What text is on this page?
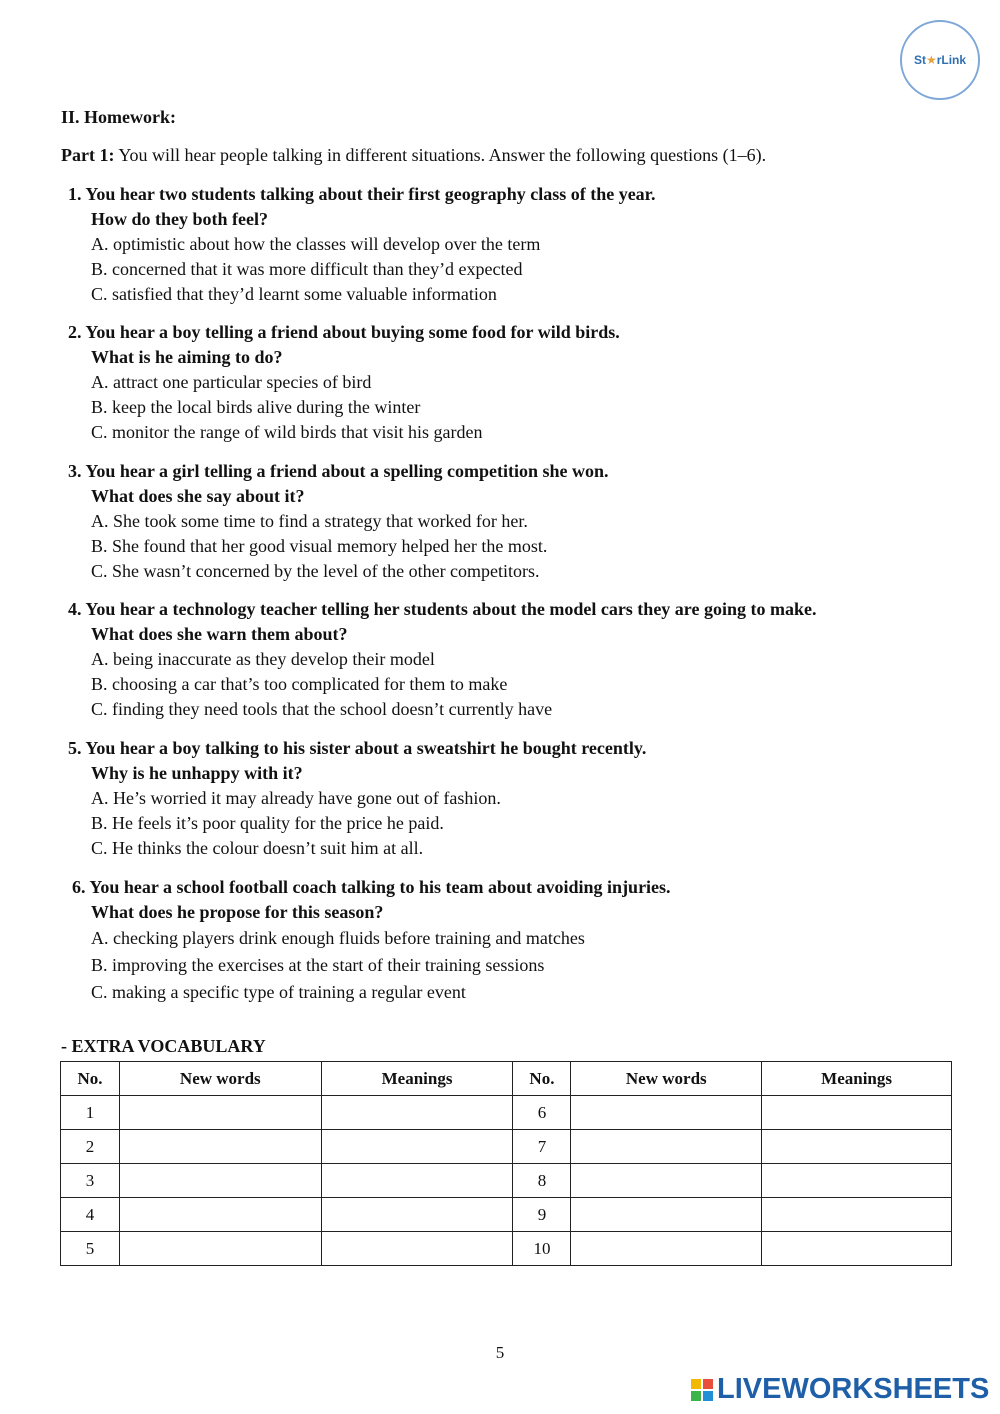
St★rLink
II. Homework:
Part 1: You will hear people talking in different situations. Answer the following questions (1–6).
1. You hear two students talking about their first geography class of the year.
How do they both feel?
A. optimistic about how the classes will develop over the term
B. concerned that it was more difficult than they’d expected
C. satisfied that they’d learnt some valuable information
2. You hear a boy telling a friend about buying some food for wild birds.
What is he aiming to do?
A. attract one particular species of bird
B. keep the local birds alive during the winter
C. monitor the range of wild birds that visit his garden
3. You hear a girl telling a friend about a spelling competition she won.
What does she say about it?
A. She took some time to find a strategy that worked for her.
B. She found that her good visual memory helped her the most.
C. She wasn’t concerned by the level of the other competitors.
4. You hear a technology teacher telling her students about the model cars they are going to make.
What does she warn them about?
A. being inaccurate as they develop their model
B. choosing a car that’s too complicated for them to make
C. finding they need tools that the school doesn’t currently have
5. You hear a boy talking to his sister about a sweatshirt he bought recently.
Why is he unhappy with it?
A. He’s worried it may already have gone out of fashion.
B. He feels it’s poor quality for the price he paid.
C. He thinks the colour doesn’t suit him at all.
6. You hear a school football coach talking to his team about avoiding injuries.
What does he propose for this season?
A. checking players drink enough fluids before training and matches
B. improving the exercises at the start of their training sessions
C. making a specific type of training a regular event
- EXTRA VOCABULARY
No.	New words	Meanings	No.	New words	Meanings
1			6		
2			7		
3			8		
4			9		
5			10		
5
LIVEWORKSHEETS
